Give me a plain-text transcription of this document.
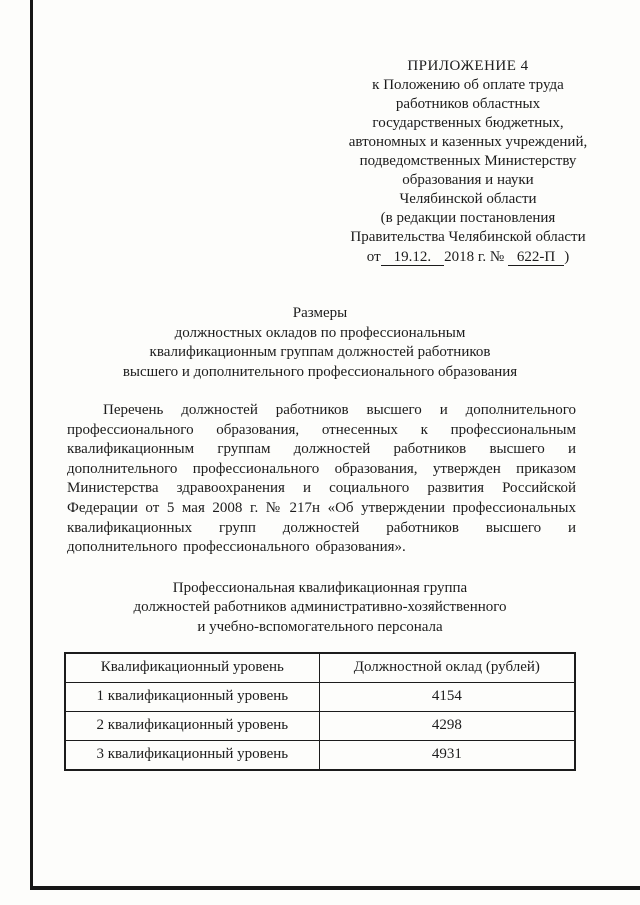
ПРИЛОЖЕНИЕ 4
к Положению об оплате труда
работников областных
государственных бюджетных,
автономных и казенных учреждений,
подведомственных Министерству
образования и науки
Челябинской области
(в редакции постановления
Правительства Челябинской области
от 19.12. 2018 г. № 622-П )
Размеры
должностных окладов по профессиональным
квалификационным группам должностей работников
высшего и дополнительного профессионального образования

Перечень должностей работников высшего и дополнительного профессионального образования, отнесенных к профессиональным квалификационным группам должностей работников высшего и дополнительного профессионального образования, утвержден приказом Министерства здравоохранения и социального развития Российской Федерации от 5 мая 2008 г. № 217н «Об утверждении профессиональных квалификационных групп должностей работников высшего и дополнительного профессионального образования».

Профессиональная квалификационная группа
должностей работников административно-хозяйственного
и учебно-вспомогательного персонала
Квалификационный уровень	Должностной оклад (рублей)
1 квалификационный уровень	4154
2 квалификационный уровень	4298
3 квалификационный уровень	4931
